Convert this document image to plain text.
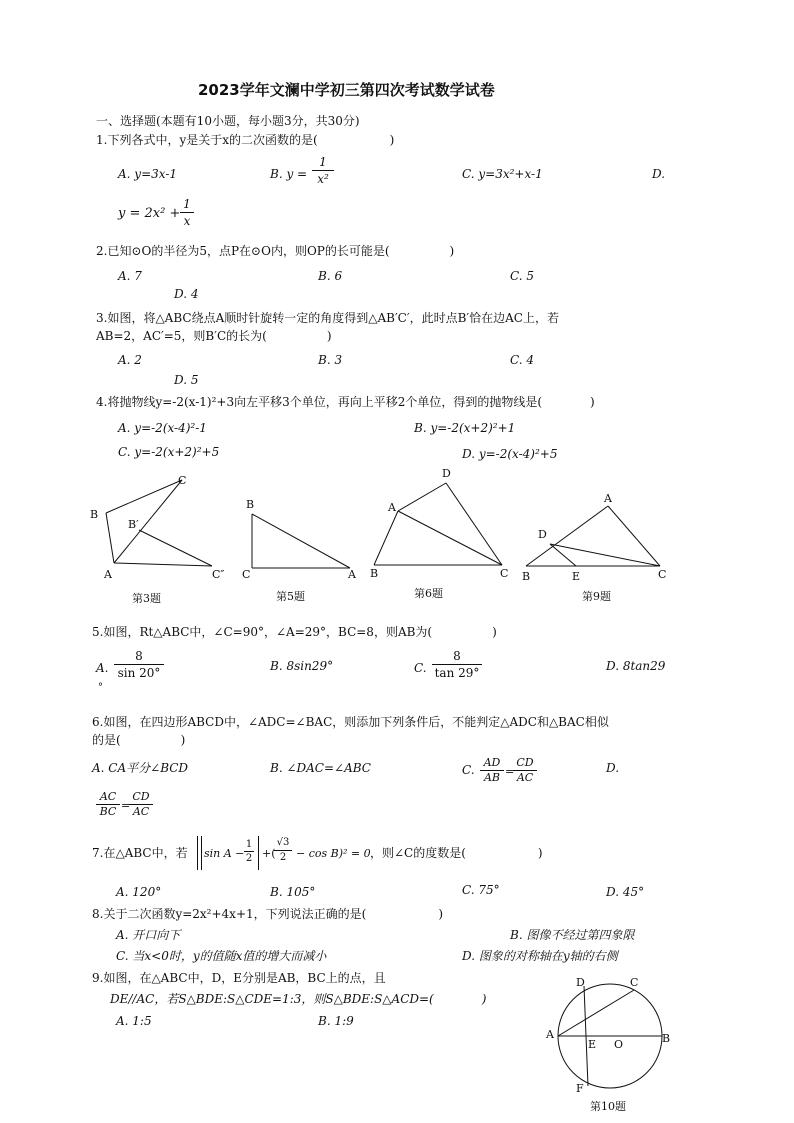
2023学年文澜中学初三第四次考试数学试卷
一、选择题(本题有10小题，每小题3分，共30分)
1.下列各式中，y是关于x的二次函数的是(　　　　　　)
A. y=3x-1	B. $y = \frac{1}{\text{x²}}$	C. y=3x²+x-1	D.
$y = 2x^2 + \frac{1}{x}$
2.已知⊙O的半径为5，点P在⊙O内，则OP的长可能是(　　　　　)
A. 7	B. 6	C. 5
D. 4
3.如图，将△ABC绕点A顺时针旋转一定的角度得到△AB′C′，此时点B′恰在边AC上，若
AB=2，AC′=5，则B′C的长为(　　　　　)
A. 2	B. 3	C. 4
D. 5
4.将抛物线y=-2(x-1)²+3向左平移3个单位，再向上平移2个单位，得到的抛物线是(　　　　)
A. y=-2(x-4)²-1	B. y=-2(x+2)²+1
C. y=-2(x+2)²+5	D. y=-2(x-4)²+5
B
C
B′
A	C″
第3题
B
C	A
第5题
D
A
B	C
第6题
A
D
B	E	C
第9题
5.如图，Rt△ABC中，∠C=90°，∠A=29°，BC=8，则AB为(　　　　　)
A. $\frac{8}{\sin 20^\circ}$
°
B. 8sin29°	C. $\frac{8}{\tan 29^\circ}$	D. 8tan29
6.如图，在四边形ABCD中，∠ADC=∠BAC，则添加下列条件后，不能判定△ADC和△BAC相似
的是(　　　　　)
A. CA平分∠BCD	B. ∠DAC=∠ABC	C. $\frac{AD}{AB}$ =
$\frac{CD}{AC}$	D.
$\frac{AC}{BC}$ =
$\frac{CD}{AC}$
7.在△ABC中，若 $\sin A - \frac{1}{2}$ +(
$\frac{√3}{2} - \cos B)^2 = 0$ ，则∠C的度数是(　　　　　　)
A. 120°	B. 105°	C. 75°	D. 45°
8.关于二次函数y=2x²+4x+1，下列说法正确的是(　　　　　　)
A. 开口向下	B. 图像不经过第四象限
C. 当x<0时，y的值随x值的增大而减小	D. 图象的对称轴在y轴的右侧
9.如图，在△ABC中，D，E分别是AB，BC上的点，且
DE//AC，若S△BDE:S△CDE=1:3，则S△BDE:S△ACD=(　　　　)
A. 1:5	B. 1:9
D	C
A
E O	B
F
第10题
